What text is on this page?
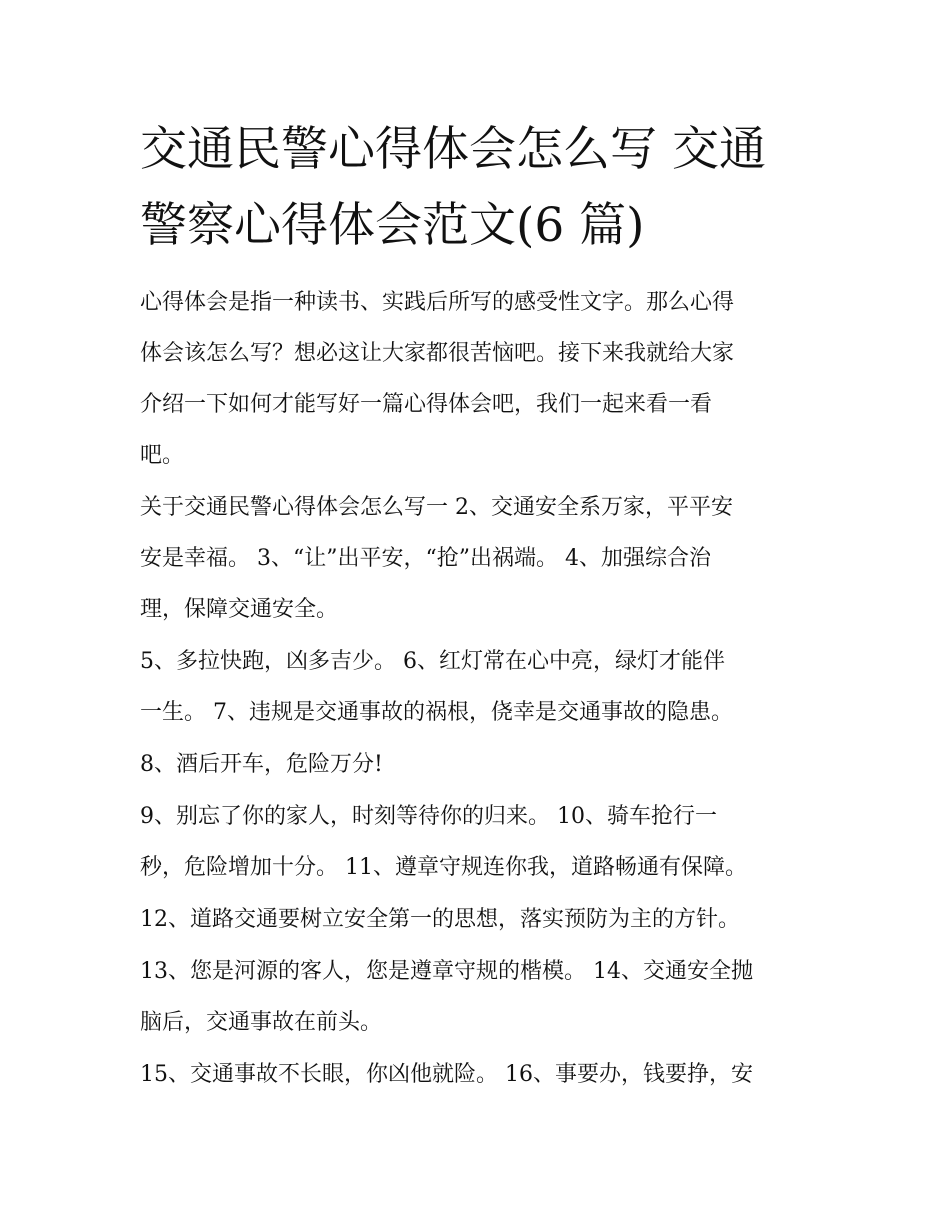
交通民警心得体会怎么写 交通
警察心得体会范文(6 篇)
心得体会是指一种读书、实践后所写的感受性文字。那么心得
体会该怎么写？想必这让大家都很苦恼吧。接下来我就给大家
介绍一下如何才能写好一篇心得体会吧，我们一起来看一看
吧。
关于交通民警心得体会怎么写一 2、交通安全系万家，平平安
安是幸福。 3、“让”出平安，“抢”出祸端。 4、加强综合治
理，保障交通安全。
5、多拉快跑，凶多吉少。 6、红灯常在心中亮，绿灯才能伴
一生。 7、违规是交通事故的祸根，侥幸是交通事故的隐患。
8、酒后开车，危险万分!
9、别忘了你的家人，时刻等待你的归来。 10、骑车抢行一
秒，危险增加十分。 11、遵章守规连你我，道路畅通有保障。
12、道路交通要树立安全第一的思想，落实预防为主的方针。
13、您是河源的客人，您是遵章守规的楷模。 14、交通安全抛
脑后，交通事故在前头。
15、交通事故不长眼，你凶他就险。 16、事要办，钱要挣，安
